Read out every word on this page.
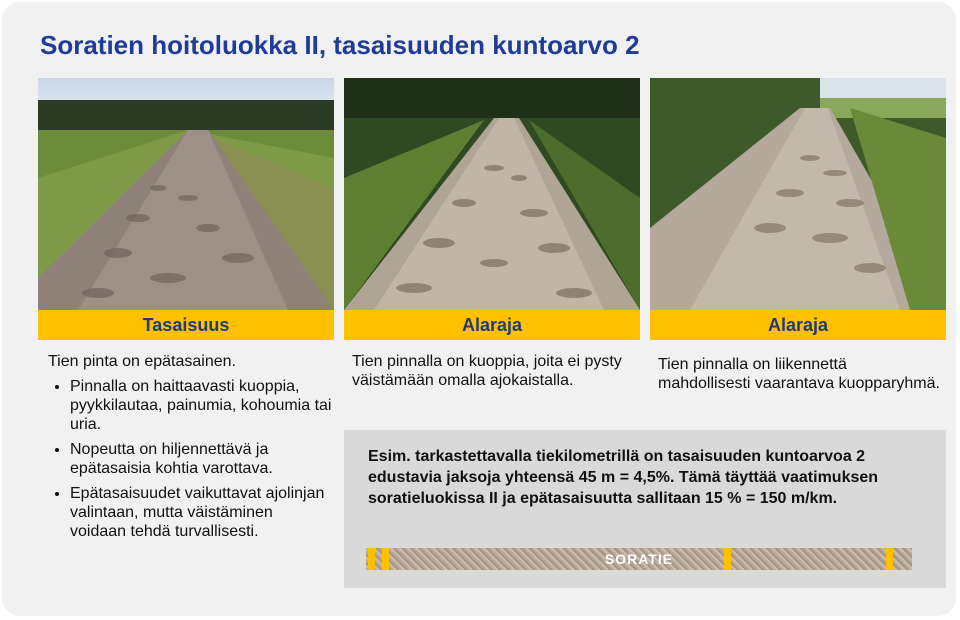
Soratien hoitoluokka II, tasaisuuden kuntoarvo 2
Tasaisuus	Alaraja	Alaraja
Tien pinta on epätasainen.
• Pinnalla on haittaavasti kuoppia, pyykkilautaa, painumia, kohoumia tai uria.
• Nopeutta on hiljennettävä ja epätasaisia kohtia varottava.
• Epätasaisuudet vaikuttavat ajolinjan valintaan, mutta väistäminen voidaan tehdä turvallisesti.
Tien pinnalla on kuoppia, joita ei pysty väistämään omalla ajokaistalla.
Tien pinnalla on liikennettä mahdollisesti vaarantava kuopparyhmä.
Esim. tarkastettavalla tiekilometrillä on tasaisuuden kuntoarvoa 2 edustavia jaksoja yhteensä 45 m = 4,5%. Tämä täyttää vaatimuksen soratieluokissa II ja epätasaisuutta sallitaan 15 % = 150 m/km.
SORATIE
